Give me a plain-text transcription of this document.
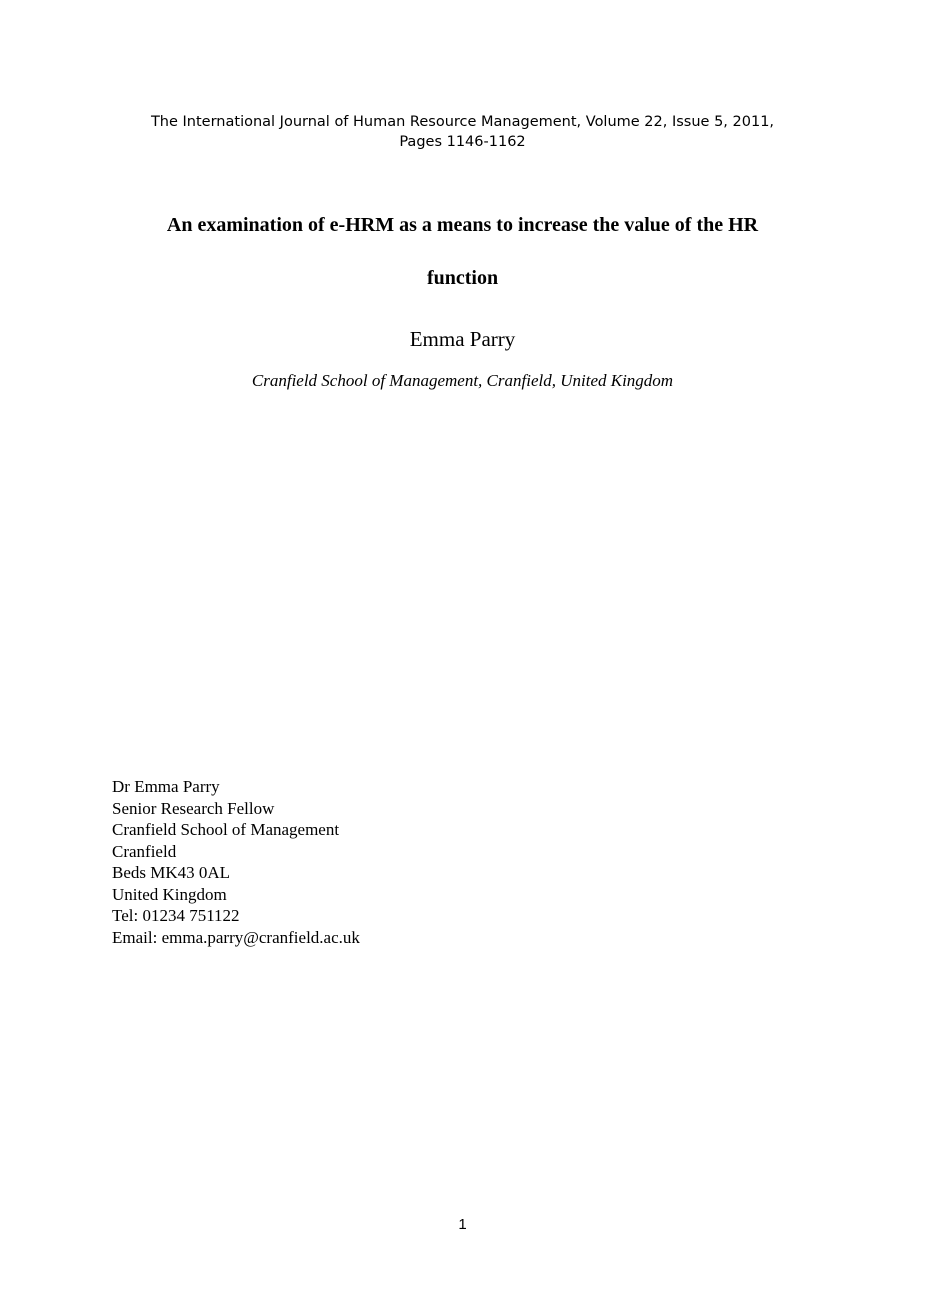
The International Journal of Human Resource Management, Volume 22, Issue 5, 2011,
Pages 1146-1162
An examination of e-HRM as a means to increase the value of the HR
function
Emma Parry
Cranfield School of Management, Cranfield, United Kingdom
Dr Emma Parry
Senior Research Fellow
Cranfield School of Management
Cranfield
Beds MK43 0AL
United Kingdom
Tel: 01234 751122
Email: emma.parry@cranfield.ac.uk
1
